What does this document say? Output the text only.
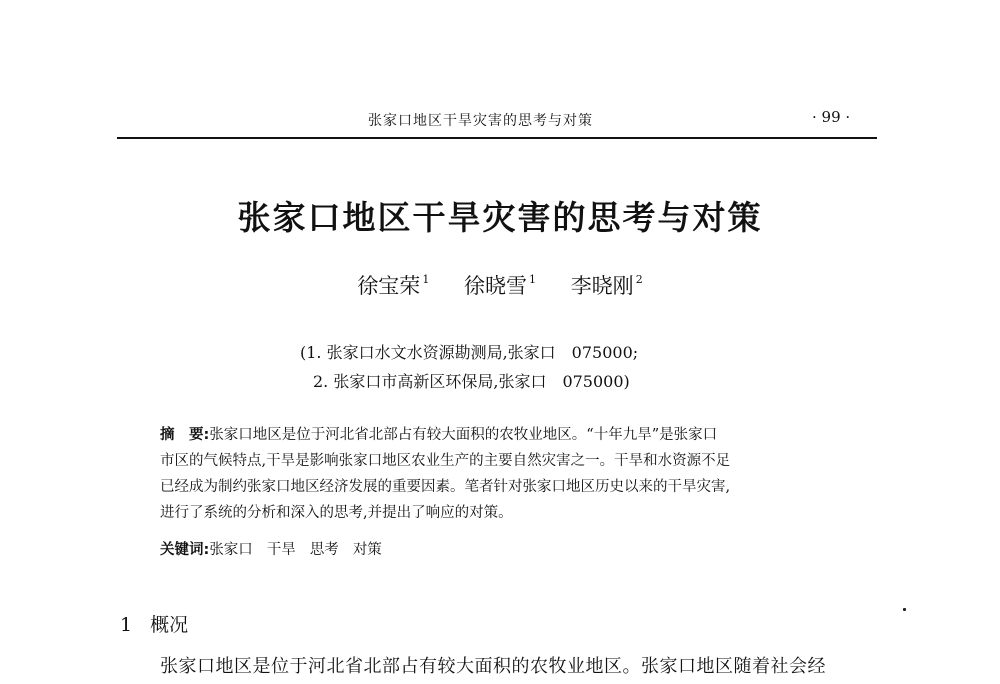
张家口地区干旱灾害的思考与对策	· 99 ·
张家口地区干旱灾害的思考与对策
徐宝荣 $^1$ 徐晓雪 $^1$ 李晓刚 $^2$
(1. 张家口水文水资源勘测局,张家口　075000;
2. 张家口市高新区环保局,张家口　075000)
摘　要:张家口地区是位于河北省北部占有较大面积的农牧业地区。“十年九旱”是张家口
市区的气候特点,干旱是影响张家口地区农业生产的主要自然灾害之一。干旱和水资源不足
已经成为制约张家口地区经济发展的重要因素。笔者针对张家口地区历史以来的干旱灾害,
进行了系统的分析和深入的思考,并提出了响应的对策。
关键词:张家口 干旱 思考 对策
1 概况
张家口地区是位于河北省北部占有较大面积的农牧业地区。张家口地区随着社会经
